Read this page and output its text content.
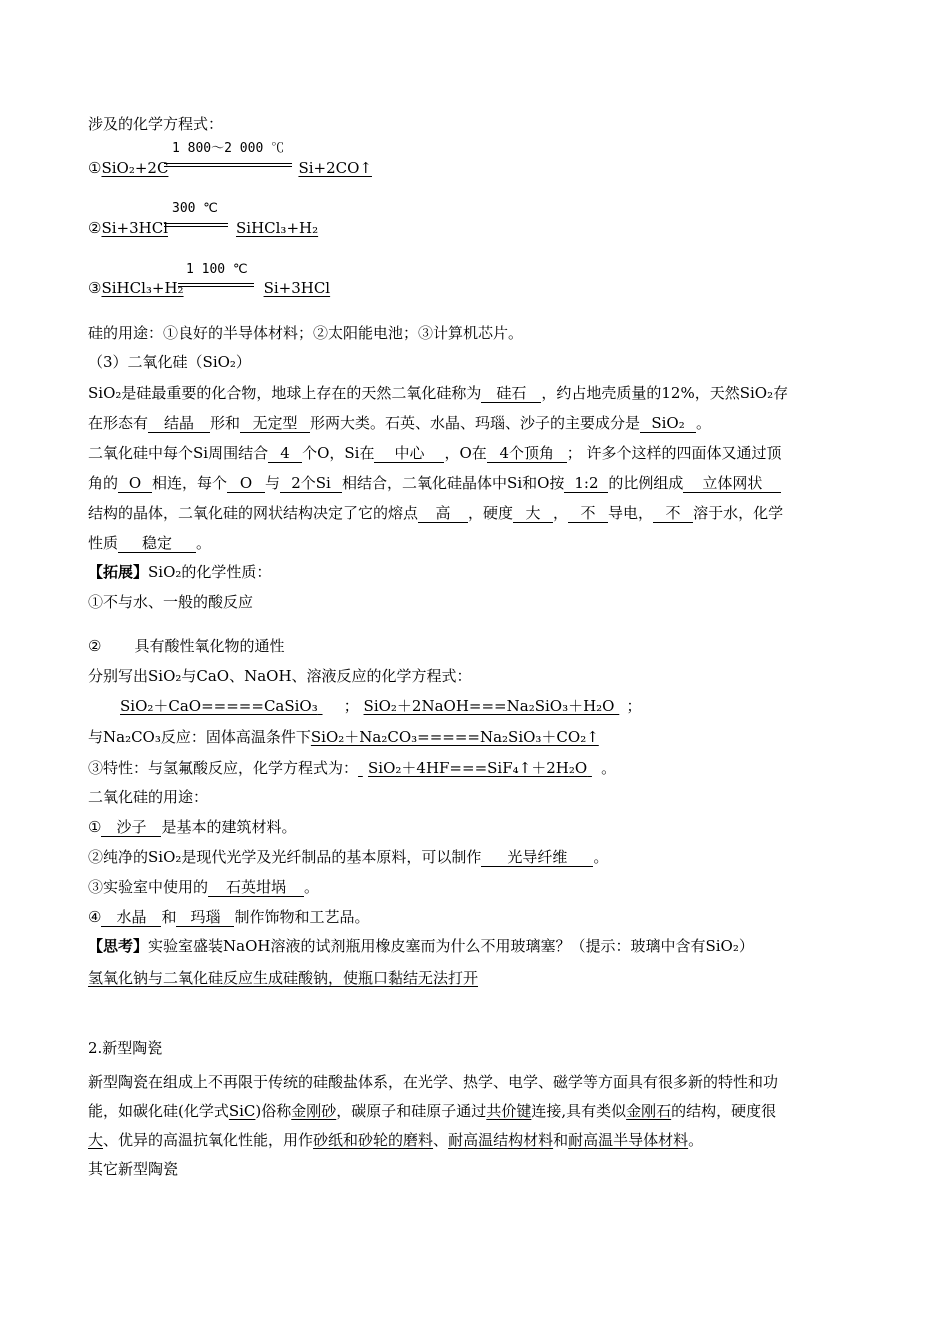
涉及的化学方程式：
①SiO₂+2C	Si+2CO↑
1 800～2 000 ℃
②Si+3HCl	SiHCl₃+H₂
300 ℃
③SiHCl₃+H₂	Si+3HCl
1 100 ℃
硅的用途：①良好的半导体材料；②太阳能电池；③计算机芯片。
（3）二氧化硅（SiO₂）
SiO₂是硅最重要的化合物，地球上存在的天然二氧化硅称为 硅石 ，约占地壳质量的12%，天然SiO₂存
在形态有 结晶 形和 无定型 形两大类。石英、水晶、玛瑙、沙子的主要成分是 SiO₂ 。
二氧化硅中每个Si周围结合 4 个O，Si在 中心 ，O在 4个顶角 ； 许多个这样的四面体又通过顶
角的 O 相连，每个 O 与 2个Si 相结合，二氧化硅晶体中Si和O按 1:2 的比例组成 立体网状
结构的晶体，二氧化硅的网状结构决定了它的熔点 高 ，硬度 大 ， 不 导电， 不 溶于水，化学
性质 稳定 。
【拓展】SiO₂的化学性质：
①不与水、一般的酸反应
② 具有酸性氧化物的通性
分别写出SiO₂与CaO、NaOH、溶液反应的化学方程式：
SiO₂＋CaO=====CaSiO₃ ； SiO₂＋2NaOH===Na₂SiO₃＋H₂O ；
与Na₂CO₃反应：固体高温条件下SiO₂＋Na₂CO₃=====Na₂SiO₃＋CO₂↑
③特性：与氢氟酸反应，化学方程式为： SiO₂＋4HF===SiF₄↑＋2H₂O 。
二氧化硅的用途：
① 沙子 是基本的建筑材料。
②纯净的SiO₂是现代光学及光纤制品的基本原料，可以制作 光导纤维 。
③实验室中使用的 石英坩埚 。
④ 水晶 和 玛瑙 制作饰物和工艺品。
【思考】实验室盛装NaOH溶液的试剂瓶用橡皮塞而为什么不用玻璃塞？（提示：玻璃中含有SiO₂）
氢氧化钠与二氧化硅反应生成硅酸钠，使瓶口黏结无法打开
2.新型陶瓷
新型陶瓷在组成上不再限于传统的硅酸盐体系，在光学、热学、电学、磁学等方面具有很多新的特性和功
能，如碳化硅(化学式SiC)俗称金刚砂，碳原子和硅原子通过共价键连接,具有类似金刚石的结构，硬度很
大、优异的高温抗氧化性能，用作砂纸和砂轮的磨料、耐高温结构材料和耐高温半导体材料。
其它新型陶瓷
